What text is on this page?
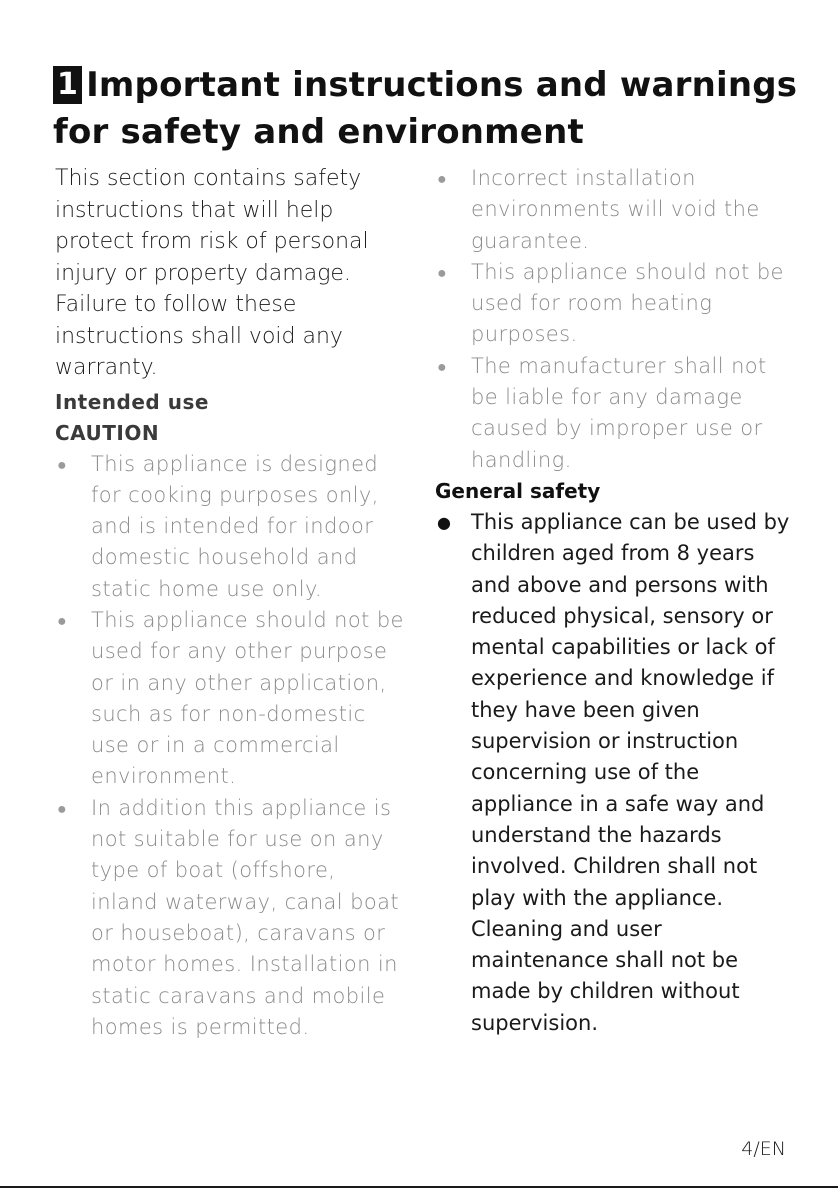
1 Important instructions and warnings for safety and environment

This section contains safety instructions that will help protect from risk of personal injury or property damage. Failure to follow these instructions shall void any warranty.

Intended use
CAUTION
● This appliance is designed for cooking purposes only, and is intended for indoor domestic household and static home use only.
● This appliance should not be used for any other purpose or in any other application, such as for non-domestic use or in a commercial environment.
● In addition this appliance is not suitable for use on any type of boat (offshore, inland waterway, canal boat or houseboat), caravans or motor homes. Installation in static caravans and mobile homes is permitted.
● Incorrect installation environments will void the guarantee.
● This appliance should not be used for room heating purposes.
● The manufacturer shall not be liable for any damage caused by improper use or handling.
General safety
● This appliance can be used by children aged from 8 years and above and persons with reduced physical, sensory or mental capabilities or lack of experience and knowledge if they have been given supervision or instruction concerning use of the appliance in a safe way and understand the hazards involved. Children shall not play with the appliance. Cleaning and user maintenance shall not be made by children without supervision.
4/EN
